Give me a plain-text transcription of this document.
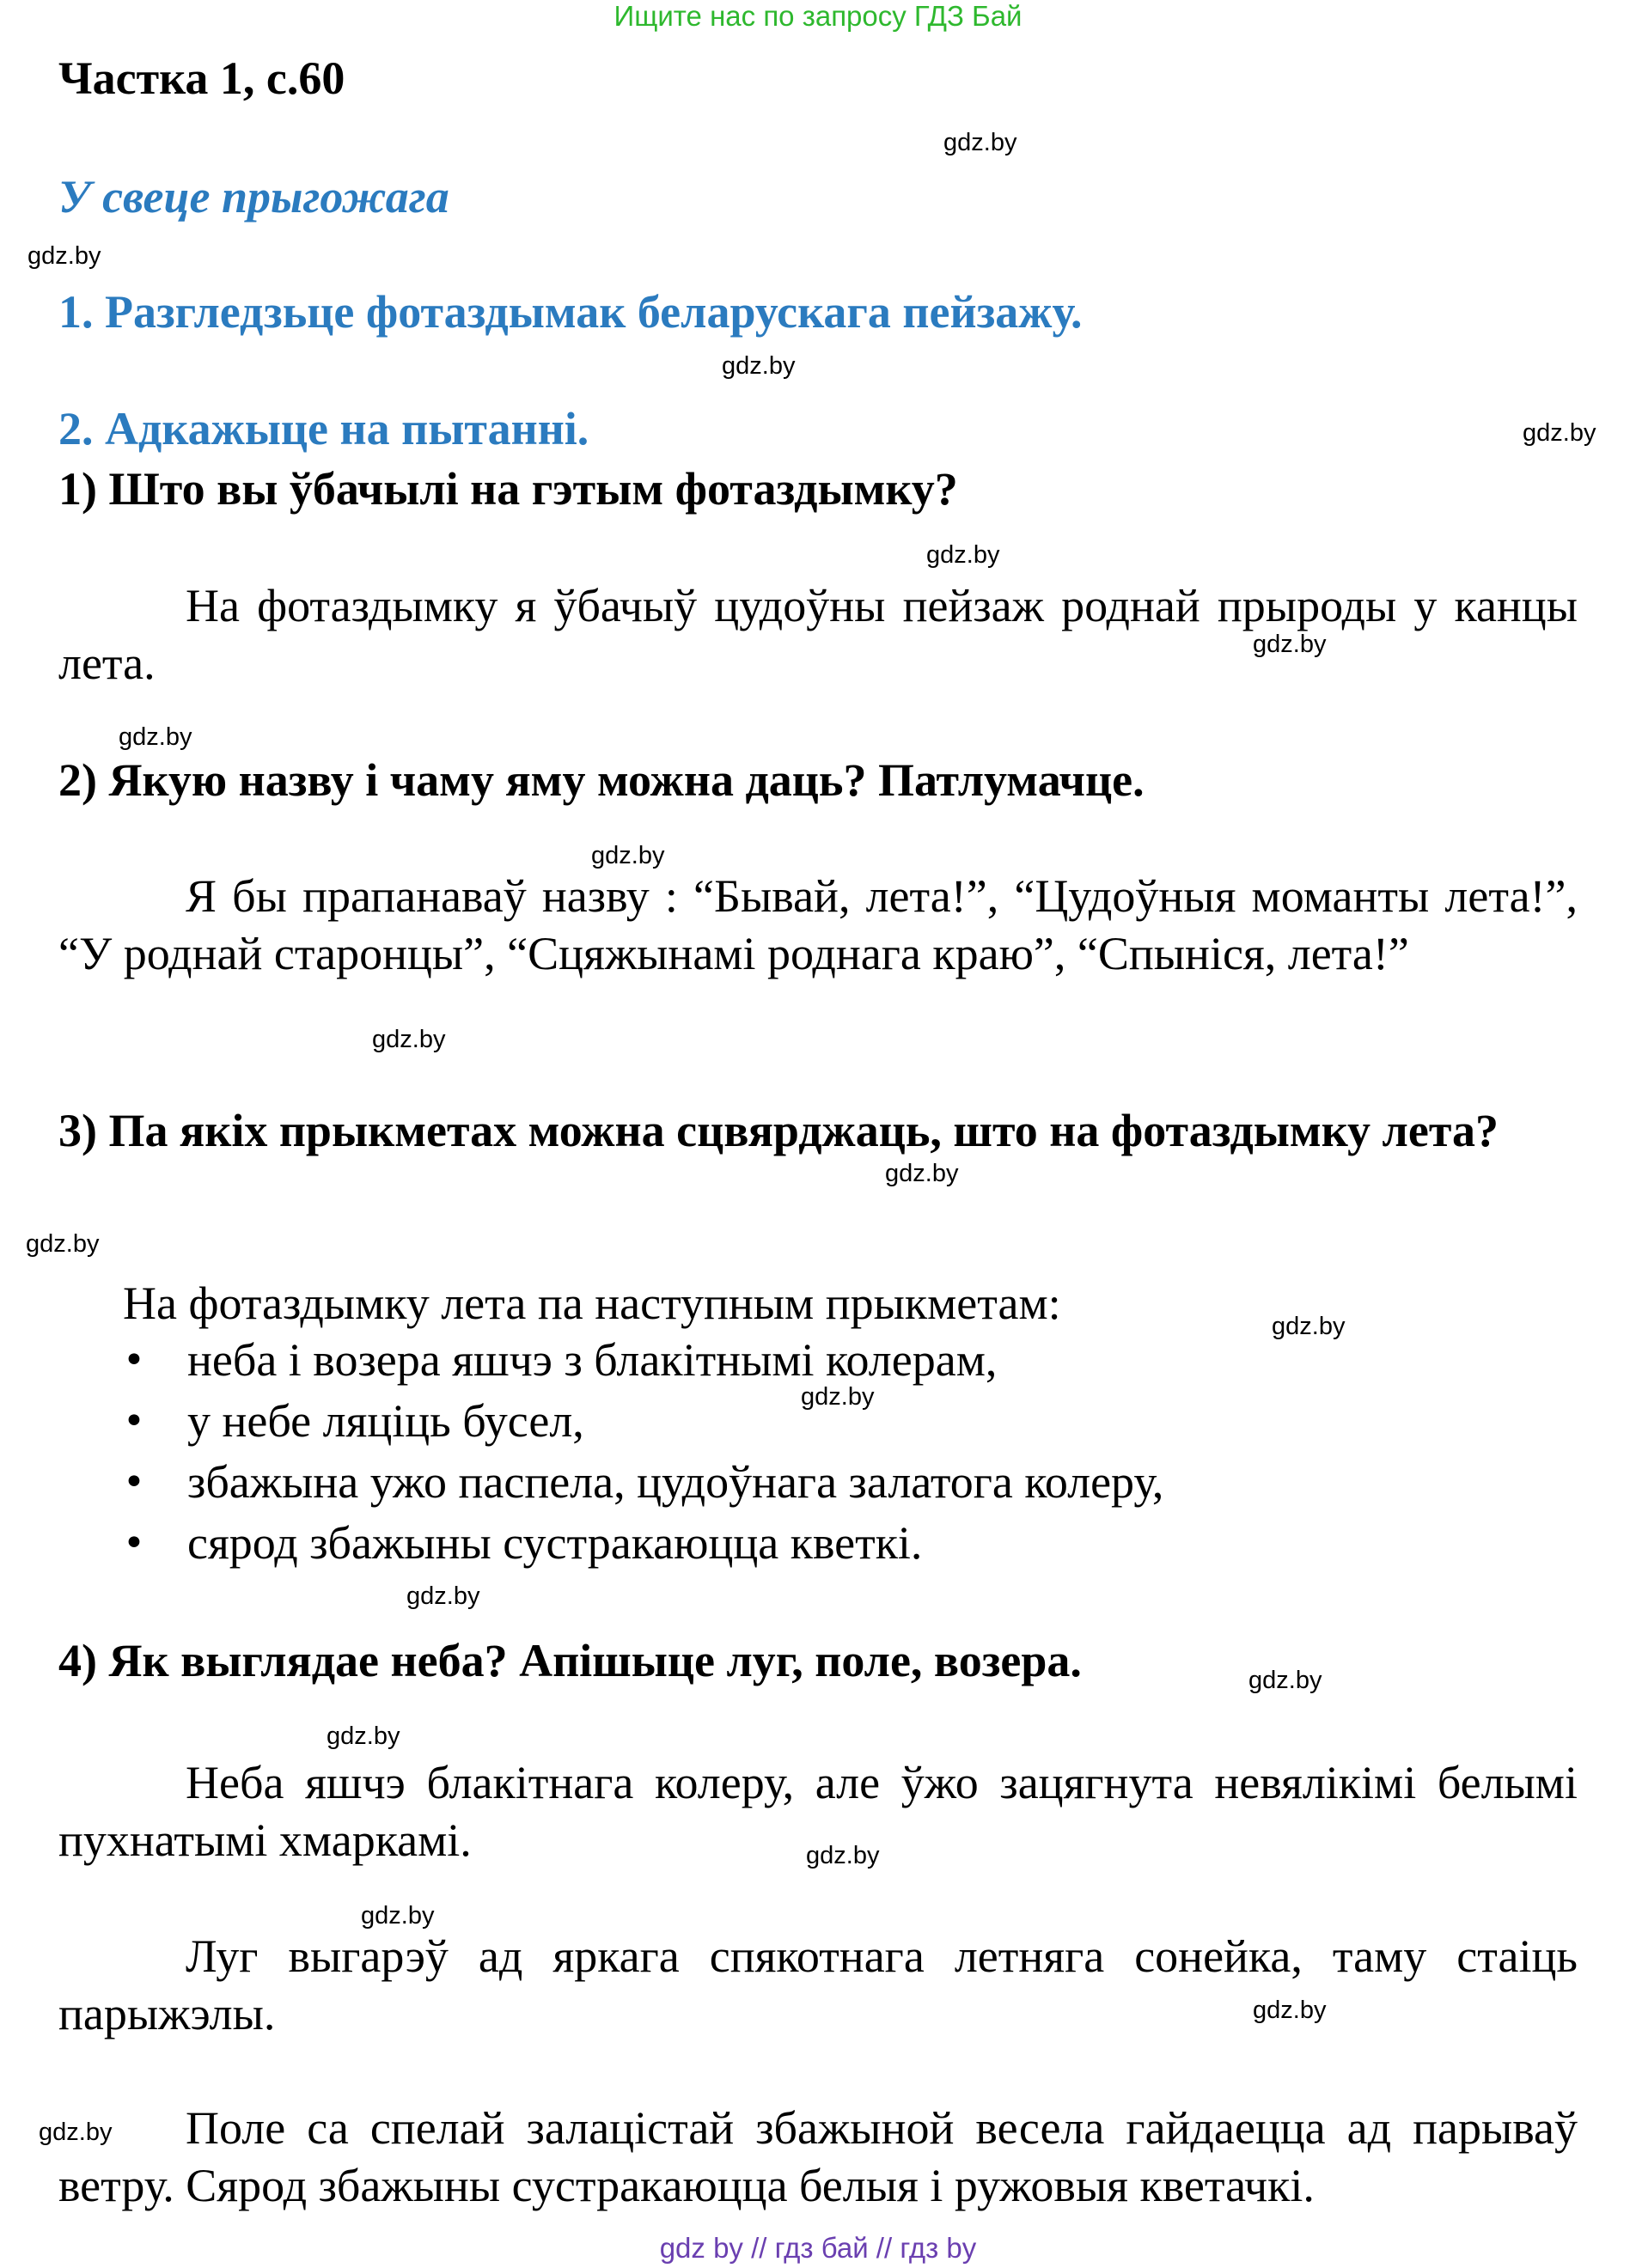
Ищите нас по запросу ГДЗ Бай
Частка 1, с.60
gdz.by
У свеце прыгожага
gdz.by
1. Разгледзьце фотаздымак беларускага пейзажу.
gdz.by
2. Адкажыце на пытанні.	gdz.by
1) Што вы ўбачылі на гэтым фотаздымку?
gdz.by
На фотаздымку я ўбачыў цудоўны пейзаж роднай прыроды у канцы лета.	gdz.by
gdz.by
2) Якую назву і чаму яму можна даць? Патлумачце.
gdz.by
Я бы прапанаваў назву : “Бывай, лета!”, “Цудоўныя моманты лета!”, “У роднай старонцы”, “Сцяжынамі роднага краю”, “Спыніся, лета!”
gdz.by
3) Па якіх прыкметах можна сцвярджаць, што на фотаздымку лета?
gdz.by
gdz.by
На фотаздымку лета па наступным прыкметам:	gdz.by
• неба і возера яшчэ з блакітнымі колерам,
• у небе ляціць бусел,
• збажына ужо паспела, цудоўнага залатога колеру,
• сярод збажыны сустракаюцца кветкі.
gdz.by
gdz.by
4) Як выглядае неба? Апішыце луг, поле, возера.	gdz.by
gdz.by
Неба яшчэ блакітнага колеру, але ўжо зацягнута невялікімі белымі пухнатымі хмаркамі.	gdz.by
gdz.by
Луг выгарэў ад яркага спякотнага летняга сонейка, таму стаіць парыжэлы.	gdz.by
Поле са спелай залацістай збажыной весела гайдаецца ад парываў ветру. Сярод збажыны сустракаюцца белыя і ружовыя кветачкі.
gdz.by
gdz by // гдз бай // гдз by
